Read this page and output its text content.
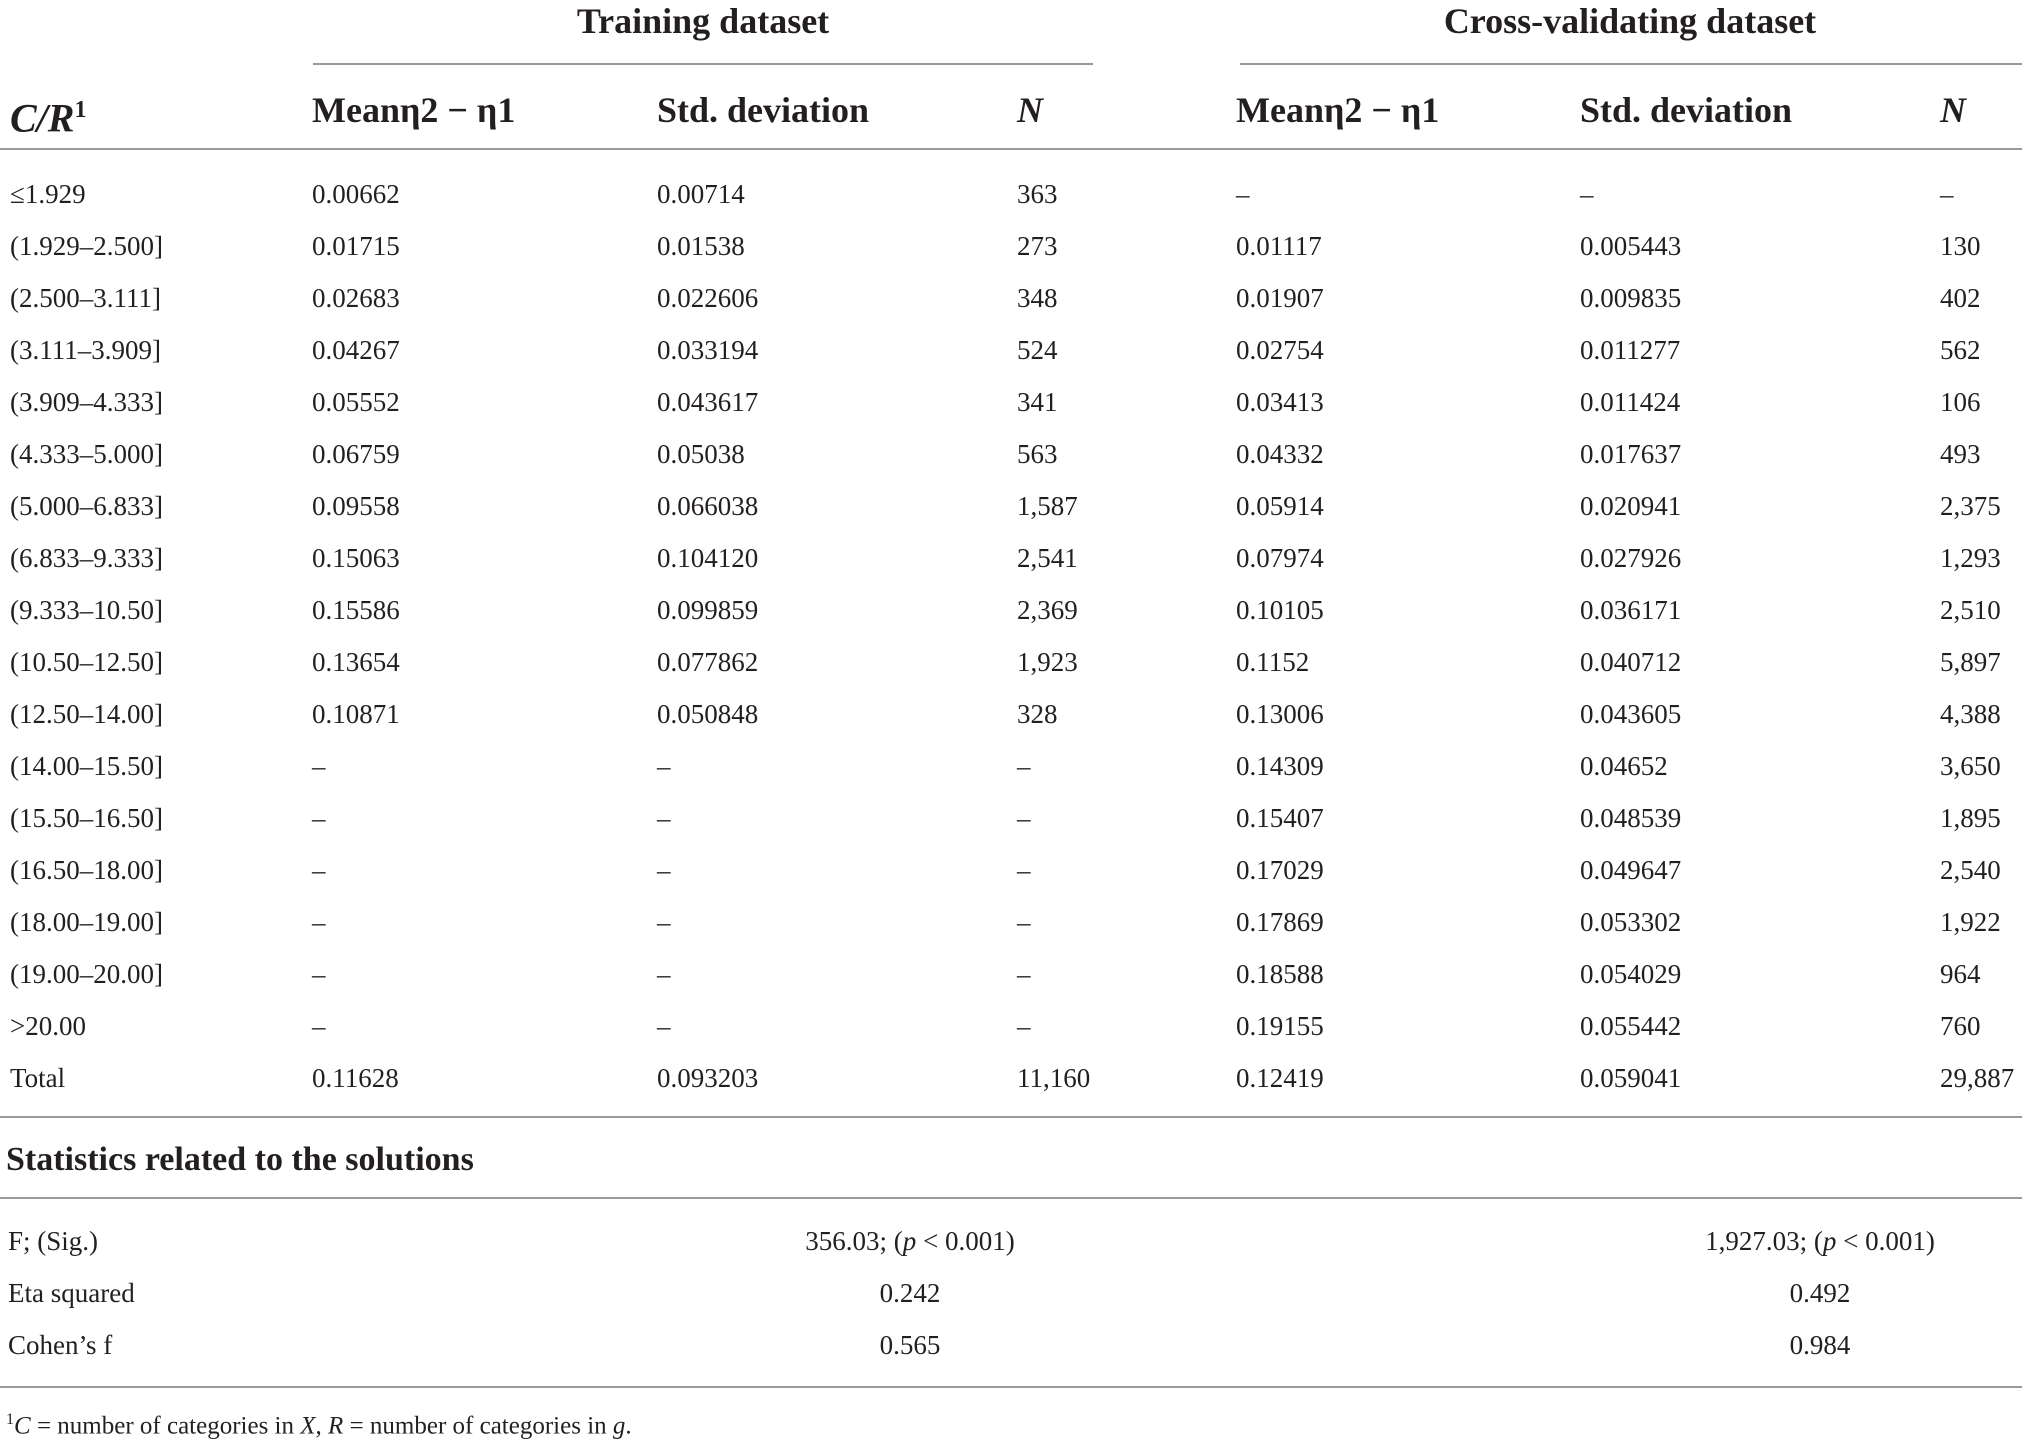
Training dataset	Cross-validating dataset
$C/R^1$	Meanη2 − η1	Std. deviation	N	Meanη2 − η1	Std. deviation	N
≤1.929	0.00662	0.00714	363	–	–	–
(1.929–2.500]	0.01715	0.01538	273	0.01117	0.005443	130
(2.500–3.111]	0.02683	0.022606	348	0.01907	0.009835	402
(3.111–3.909]	0.04267	0.033194	524	0.02754	0.011277	562
(3.909–4.333]	0.05552	0.043617	341	0.03413	0.011424	106
(4.333–5.000]	0.06759	0.05038	563	0.04332	0.017637	493
(5.000–6.833]	0.09558	0.066038	1,587	0.05914	0.020941	2,375
(6.833–9.333]	0.15063	0.104120	2,541	0.07974	0.027926	1,293
(9.333–10.50]	0.15586	0.099859	2,369	0.10105	0.036171	2,510
(10.50–12.50]	0.13654	0.077862	1,923	0.1152	0.040712	5,897
(12.50–14.00]	0.10871	0.050848	328	0.13006	0.043605	4,388
(14.00–15.50]	–	–	–	0.14309	0.04652	3,650
(15.50–16.50]	–	–	–	0.15407	0.048539	1,895
(16.50–18.00]	–	–	–	0.17029	0.049647	2,540
(18.00–19.00]	–	–	–	0.17869	0.053302	1,922
(19.00–20.00]	–	–	–	0.18588	0.054029	964
>20.00	–	–	–	0.19155	0.055442	760
Total	0.11628	0.093203	11,160	0.12419	0.059041	29,887
Statistics related to the solutions
F; (Sig.)	356.03; (p < 0.001)	1,927.03; (p < 0.001)
Eta squared	0.242	0.492
Cohen’s f	0.565	0.984
$^1$C = number of categories in X, R = number of categories in g.
